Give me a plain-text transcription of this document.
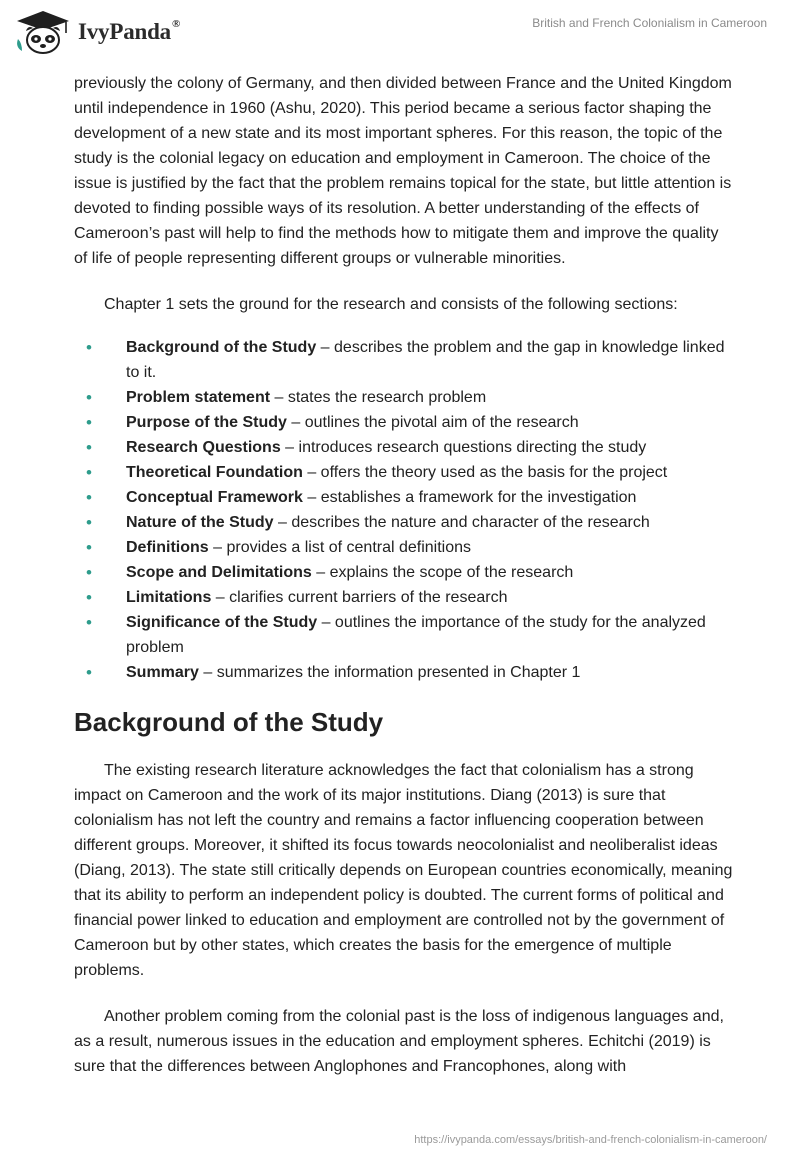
IvyPanda®	British and French Colonialism in Cameroon

previously the colony of Germany, and then divided between France and the United Kingdom until independence in 1960 (Ashu, 2020). This period became a serious factor shaping the development of a new state and its most important spheres. For this reason, the topic of the study is the colonial legacy on education and employment in Cameroon. The choice of the issue is justified by the fact that the problem remains topical for the state, but little attention is devoted to finding possible ways of its resolution. A better understanding of the effects of Cameroon’s past will help to find the methods how to mitigate them and improve the quality of life of people representing different groups or vulnerable minorities.

Chapter 1 sets the ground for the research and consists of the following sections:

• Background of the Study – describes the problem and the gap in knowledge linked to it.
• Problem statement – states the research problem
• Purpose of the Study – outlines the pivotal aim of the research
• Research Questions – introduces research questions directing the study
• Theoretical Foundation – offers the theory used as the basis for the project
• Conceptual Framework – establishes a framework for the investigation
• Nature of the Study – describes the nature and character of the research
• Definitions – provides a list of central definitions
• Scope and Delimitations – explains the scope of the research
• Limitations – clarifies current barriers of the research
• Significance of the Study – outlines the importance of the study for the analyzed problem
• Summary – summarizes the information presented in Chapter 1
Background of the Study

The existing research literature acknowledges the fact that colonialism has a strong impact on Cameroon and the work of its major institutions. Diang (2013) is sure that colonialism has not left the country and remains a factor influencing cooperation between different groups. Moreover, it shifted its focus towards neocolonialist and neoliberalist ideas (Diang, 2013). The state still critically depends on European countries economically, meaning that its ability to perform an independent policy is doubted. The current forms of political and financial power linked to education and employment are controlled not by the government of Cameroon but by other states, which creates the basis for the emergence of multiple problems.

Another problem coming from the colonial past is the loss of indigenous languages and, as a result, numerous issues in the education and employment spheres. Echitchi (2019) is sure that the differences between Anglophones and Francophones, along with

https://ivypanda.com/essays/british-and-french-colonialism-in-cameroon/
